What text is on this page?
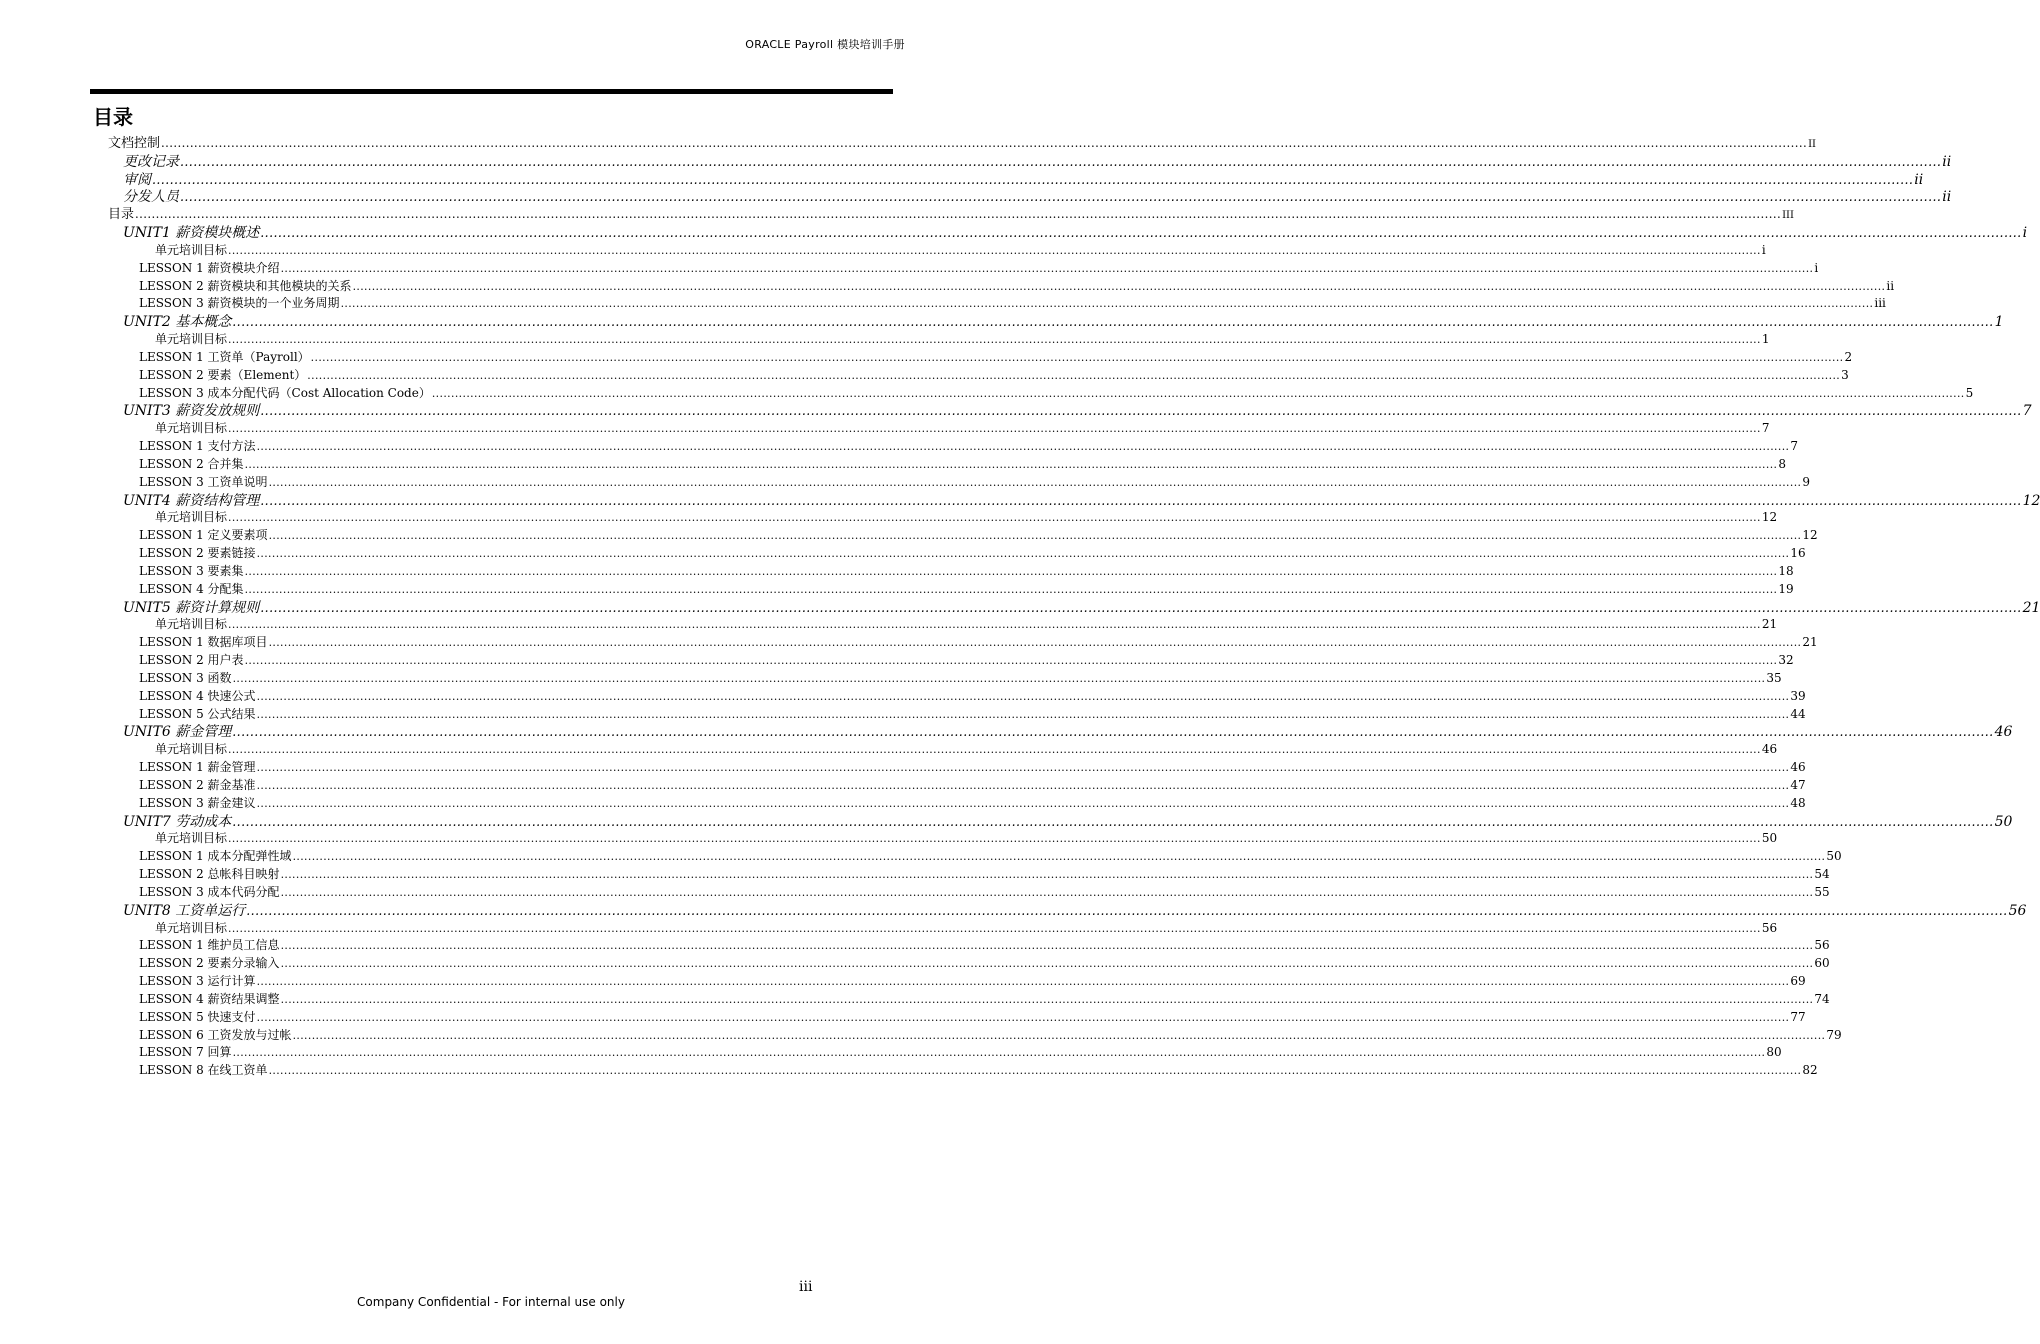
ORACLE Payroll 模块培训手册
目录
文档控制 ................................................................................................................................................................................................................................................................................................................................................................................................................ II
更改记录 ................................................................................................................................................................................................................................................................................................................................................................................................................ ii
审阅 ................................................................................................................................................................................................................................................................................................................................................................................................................ ii
分发人员 ................................................................................................................................................................................................................................................................................................................................................................................................................ ii
目录 ................................................................................................................................................................................................................................................................................................................................................................................................................ III
UNIT1 薪资模块概述 ................................................................................................................................................................................................................................................................................................................................................................................................................ i
单元培训目标 ................................................................................................................................................................................................................................................................................................................................................................................................................ i
LESSON 1 薪资模块介绍 ................................................................................................................................................................................................................................................................................................................................................................................................................ i
LESSON 2 薪资模块和其他模块的关系 ................................................................................................................................................................................................................................................................................................................................................................................................................ ii
LESSON 3 薪资模块的一个业务周期 ................................................................................................................................................................................................................................................................................................................................................................................................................ iii
UNIT2 基本概念 ................................................................................................................................................................................................................................................................................................................................................................................................................ 1
单元培训目标 ................................................................................................................................................................................................................................................................................................................................................................................................................ 1
LESSON 1 工资单（Payroll） ................................................................................................................................................................................................................................................................................................................................................................................................................ 2
LESSON 2 要素（Element） ................................................................................................................................................................................................................................................................................................................................................................................................................ 3
LESSON 3 成本分配代码（Cost Allocation Code） ................................................................................................................................................................................................................................................................................................................................................................................................................ 5
UNIT3 薪资发放规则 ................................................................................................................................................................................................................................................................................................................................................................................................................ 7
单元培训目标 ................................................................................................................................................................................................................................................................................................................................................................................................................ 7
LESSON 1 支付方法 ................................................................................................................................................................................................................................................................................................................................................................................................................ 7
LESSON 2 合并集 ................................................................................................................................................................................................................................................................................................................................................................................................................ 8
LESSON 3 工资单说明 ................................................................................................................................................................................................................................................................................................................................................................................................................ 9
UNIT4 薪资结构管理 ................................................................................................................................................................................................................................................................................................................................................................................................................ 12
单元培训目标 ................................................................................................................................................................................................................................................................................................................................................................................................................ 12
LESSON 1 定义要素项 ................................................................................................................................................................................................................................................................................................................................................................................................................ 12
LESSON 2 要素链接 ................................................................................................................................................................................................................................................................................................................................................................................................................ 16
LESSON 3 要素集 ................................................................................................................................................................................................................................................................................................................................................................................................................ 18
LESSON 4 分配集 ................................................................................................................................................................................................................................................................................................................................................................................................................ 19
UNIT5 薪资计算规则 ................................................................................................................................................................................................................................................................................................................................................................................................................ 21
单元培训目标 ................................................................................................................................................................................................................................................................................................................................................................................................................ 21
LESSON 1 数据库项目 ................................................................................................................................................................................................................................................................................................................................................................................................................ 21
LESSON 2 用户表 ................................................................................................................................................................................................................................................................................................................................................................................................................ 32
LESSON 3 函数 ................................................................................................................................................................................................................................................................................................................................................................................................................ 35
LESSON 4 快速公式 ................................................................................................................................................................................................................................................................................................................................................................................................................ 39
LESSON 5 公式结果 ................................................................................................................................................................................................................................................................................................................................................................................................................ 44
UNIT6 薪金管理 ................................................................................................................................................................................................................................................................................................................................................................................................................ 46
单元培训目标 ................................................................................................................................................................................................................................................................................................................................................................................................................ 46
LESSON 1 薪金管理 ................................................................................................................................................................................................................................................................................................................................................................................................................ 46
LESSON 2 薪金基准 ................................................................................................................................................................................................................................................................................................................................................................................................................ 47
LESSON 3 薪金建议 ................................................................................................................................................................................................................................................................................................................................................................................................................ 48
UNIT7 劳动成本 ................................................................................................................................................................................................................................................................................................................................................................................................................ 50
单元培训目标 ................................................................................................................................................................................................................................................................................................................................................................................................................ 50
LESSON 1 成本分配弹性域 ................................................................................................................................................................................................................................................................................................................................................................................................................ 50
LESSON 2 总帐科目映射 ................................................................................................................................................................................................................................................................................................................................................................................................................ 54
LESSON 3 成本代码分配 ................................................................................................................................................................................................................................................................................................................................................................................................................ 55
UNIT8 工资单运行 ................................................................................................................................................................................................................................................................................................................................................................................................................ 56
单元培训目标 ................................................................................................................................................................................................................................................................................................................................................................................................................ 56
LESSON 1 维护员工信息 ................................................................................................................................................................................................................................................................................................................................................................................................................ 56
LESSON 2 要素分录输入 ................................................................................................................................................................................................................................................................................................................................................................................................................ 60
LESSON 3 运行计算 ................................................................................................................................................................................................................................................................................................................................................................................................................ 69
LESSON 4 薪资结果调整 ................................................................................................................................................................................................................................................................................................................................................................................................................ 74
LESSON 5 快速支付 ................................................................................................................................................................................................................................................................................................................................................................................................................ 77
LESSON 6 工资发放与过帐 ................................................................................................................................................................................................................................................................................................................................................................................................................ 79
LESSON 7 回算 ................................................................................................................................................................................................................................................................................................................................................................................................................ 80
LESSON 8 在线工资单 ................................................................................................................................................................................................................................................................................................................................................................................................................ 82
iii
Company Confidential - For internal use only
